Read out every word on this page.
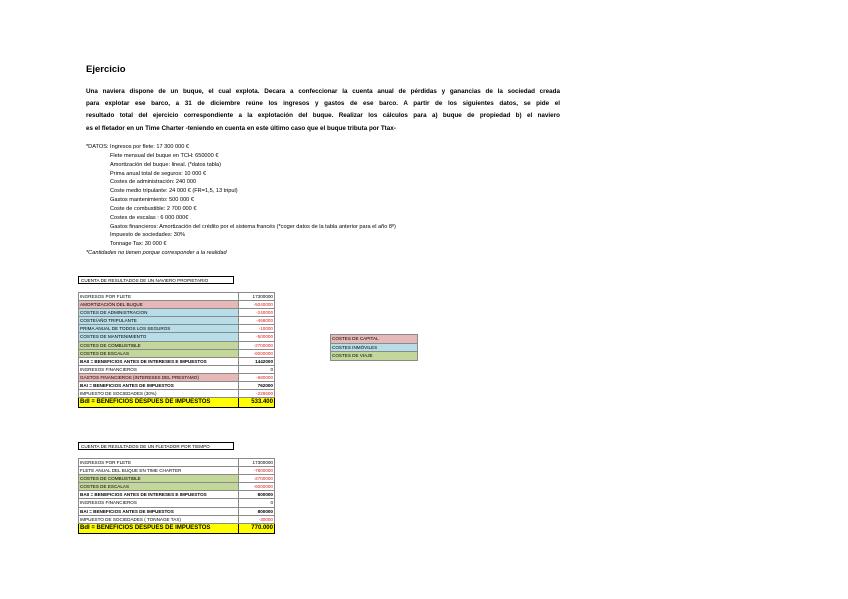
Ejercicio
Una naviera dispone de un buque, el cual explota. Decara a confeccionar la cuenta anual de pérdidas y ganancias de la sociedad creada
para explotar ese barco, a 31 de diciembre reúne los ingresos y gastos de ese barco. A partir de los siguientes datos, se pide el
resultado total del ejercicio correspondiente a la explotación del buque. Realizar los cálculos para a) buque de propiedad b) el naviero
es el fletador en un Time Charter -teniendo en cuenta en este último caso que el buque tributa por Ttax-
*DATOS: Ingresos por flete: 17 300 000 €
Flete mensual del buque en TCH: 650000 €
Amortización del buque: lineal. (*datos tabla)
Prima anual total de seguros: 10 000 €
Costes de administración: 240 000
Coste medio tripulante: 24 000 € (FR=1,5, 13 tripul)
Gastos mantenimiento: 500 000 €
Coste de combustible: 2 700 000 €
Costes de escalas : 6 000 000€
Gastos financieros: Amortización del crédito por el sistema francés (*coger datos de la tabla anterior para el año 8º)
Impuesto de sociedades: 30%
Tonnage Tax: 30 000 €
*Cantidades no tienen porque corresponder a la realidad
CUENTA DE RESULTADOS DE UN NAVIERO PROPIETARIO
INGRESOS POR FLETE	17300000
AMORTIZACIÓN DEL BUQUE	-5040000
COSTES DE ADMINISTRACION	-240000
COSTE/AÑO TRIPULANTE	-468000
PRIMA ANUAL DE TODOS LOS SEGUROS	-10000
COSTES DE MANTENIMIENTO	-500000
COSTES DE COMBUSTIBLE	-2700000
COSTES DE ESCALAS	-6000000
BAII = BENEFICIOS ANTES DE INTERESES E IMPUESTOS	1442000
INGRESOS FINANCIEROS	0
GASTOS FINANCIEROS (INTERESES DEL PRESTAMO)	-680000
BAI = BENEFICIOS ANTES DE IMPUESTOS	762000
IMPUESTO DE SOCIEDADES (30%)	-228600
BdI = BENEFICIOS DESPUES DE IMPUESTOS	533.400
COSTES DE CAPITAL
COSTES INMÓVILES
COSTES DE VIAJE
CUENTA DE RESULTADOS DE UN FLETADOR POR TIEMPO
INGRESOS POR FLETE	17300000
FLETE ANUAL DEL BUQUE EN TIME CHARTER	-7800000
COSTES DE COMBUSTIBLE	-2700000
COSTES DE ESCALAS	-6000000
BAII = BENEFICIOS ANTES DE INTERESES E IMPUESTOS	800000
INGRESOS FINANCIEROS	0
BAI = BENEFICIOS ANTES DE IMPUESTOS	800000
IMPUESTO DE SOCIEDADES ( TONNAGE TAX)	-30000
BdI = BENEFICIOS DESPUES DE IMPUESTOS	770.000
